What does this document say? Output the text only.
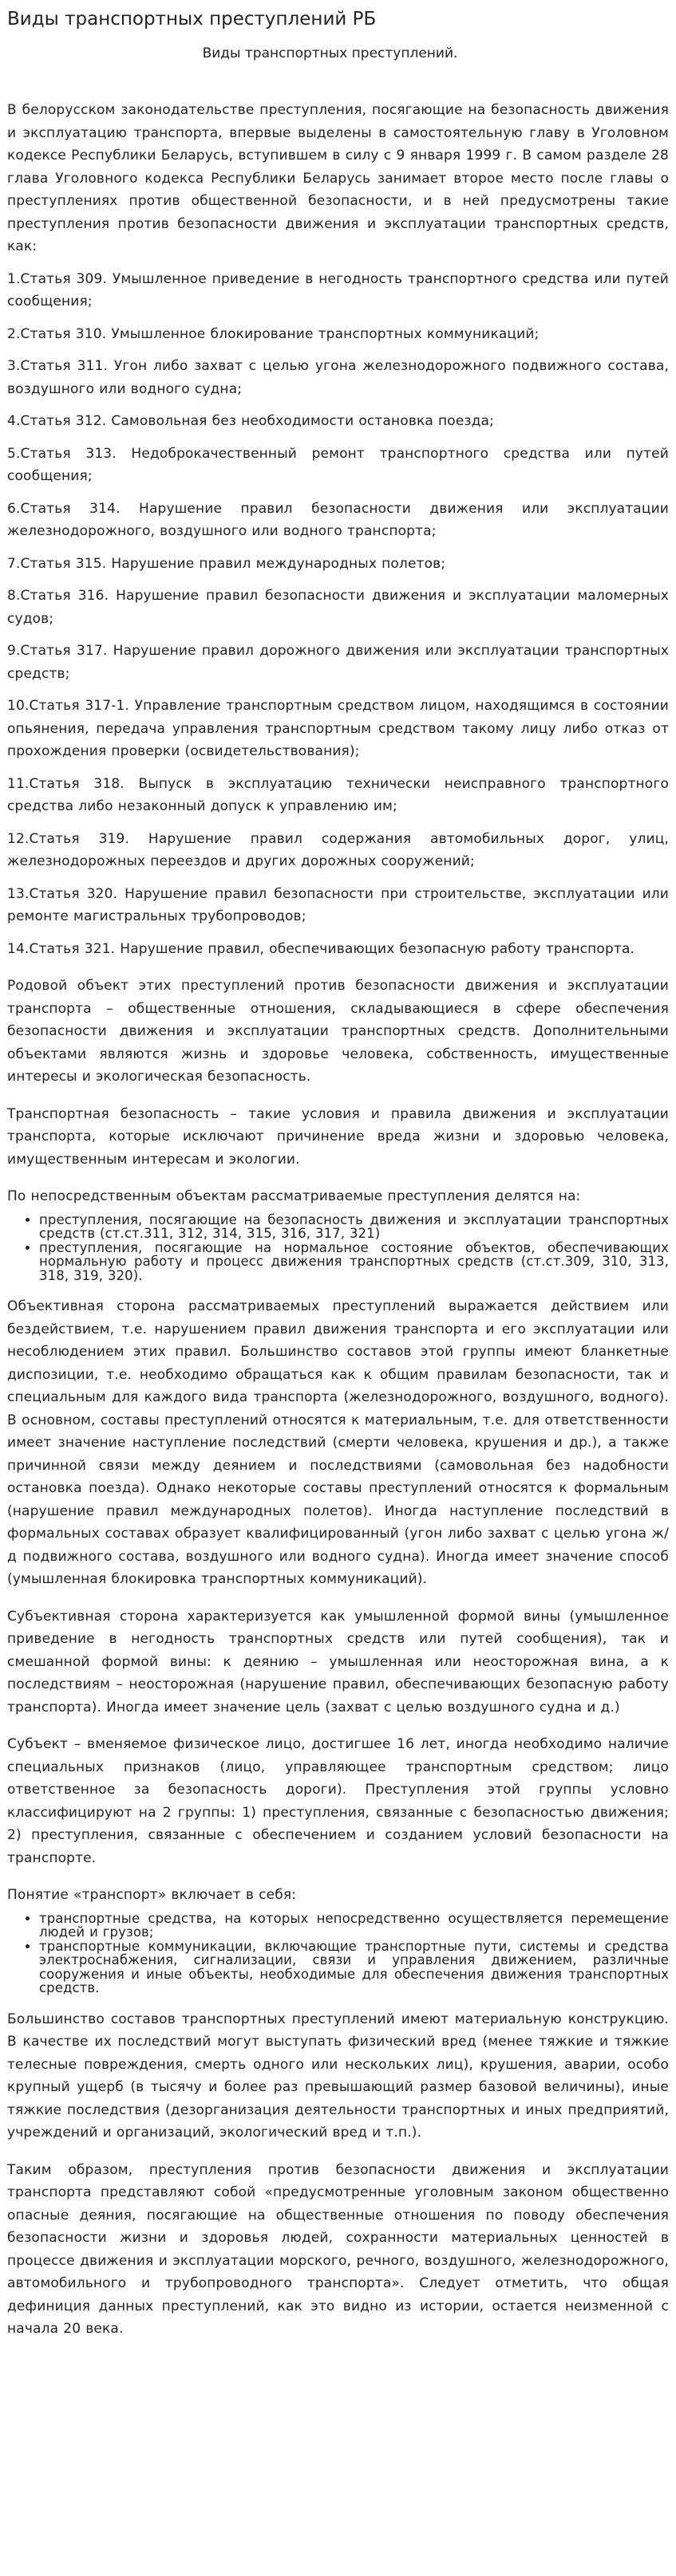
Виды транспортных преступлений РБ
Виды транспортных преступлений.

В белорусском законодательстве преступления, посягающие на безопасность движения и эксплуатацию транспорта, впервые выделены в самостоятельную главу в Уголовном кодексе Республики Беларусь, вступившем в силу с 9 января 1999 г. В самом разделе 28 глава Уголовного кодекса Республики Беларусь занимает второе место после главы о преступлениях против общественной безопасности, и в ней предусмотрены такие преступления против безопасности движения и эксплуатации транспортных средств, как:

1.Статья 309. Умышленное приведение в негодность транспортного средства или путей сообщения;

2.Статья 310. Умышленное блокирование транспортных коммуникаций;

3.Статья 311. Угон либо захват с целью угона железнодорожного подвижного состава, воздушного или водного судна;

4.Статья 312. Самовольная без необходимости остановка поезда;

5.Статья 313. Недоброкачественный ремонт транспортного средства или путей сообщения;

6.Статья 314. Нарушение правил безопасности движения или эксплуатации железнодорожного, воздушного или водного транспорта;

7.Статья 315. Нарушение правил международных полетов;

8.Статья 316. Нарушение правил безопасности движения и эксплуатации маломерных судов;

9.Статья 317. Нарушение правил дорожного движения или эксплуатации транспортных средств;

10.Статья 317-1. Управление транспортным средством лицом, находящимся в состоянии опьянения, передача управления транспортным средством такому лицу либо отказ от прохождения проверки (освидетельствования);

11.Статья 318. Выпуск в эксплуатацию технически неисправного транспортного средства либо незаконный допуск к управлению им;

12.Статья 319. Нарушение правил содержания автомобильных дорог, улиц, железнодорожных переездов и других дорожных сооружений;

13.Статья 320. Нарушение правил безопасности при строительстве, эксплуатации или ремонте магистральных трубопроводов;

14.Статья 321. Нарушение правил, обеспечивающих безопасную работу транспорта.

Родовой объект этих преступлений против безопасности движения и эксплуатации транспорта – общественные отношения, складывающиеся в сфере обеспечения безопасности движения и эксплуатации транспортных средств. Дополнительными объектами являются жизнь и здоровье человека, собственность, имущественные интересы и экологическая безопасность.

Транспортная безопасность – такие условия и правила движения и эксплуатации транспорта, которые исключают причинение вреда жизни и здоровью человека, имущественным интересам и экологии.

По непосредственным объектам рассматриваемые преступления делятся на:

• преступления, посягающие на безопасность движения и эксплуатации транспортных средств (ст.ст.311, 312, 314, 315, 316, 317, 321)
• преступления, посягающие на нормальное состояние объектов, обеспечивающих нормальную работу и процесс движения транспортных средств (ст.ст.309, 310, 313, 318, 319, 320).

Объективная сторона рассматриваемых преступлений выражается действием или бездействием, т.е. нарушением правил движения транспорта и его эксплуатации или несоблюдением этих правил. Большинство составов этой группы имеют бланкетные диспозиции, т.е. необходимо обращаться как к общим правилам безопасности, так и специальным для каждого вида транспорта (железнодорожного, воздушного, водного). В основном, составы преступлений относятся к материальным, т.е. для ответственности имеет значение наступление последствий (смерти человека, крушения и др.), а также причинной связи между деянием и последствиями (самовольная без надобности остановка поезда). Однако некоторые составы преступлений относятся к формальным (нарушение правил международных полетов). Иногда наступление последствий в формальных составах образует квалифицированный (угон либо захват с целью угона ж/д подвижного состава, воздушного или водного судна). Иногда имеет значение способ (умышленная блокировка транспортных коммуникаций).

Субъективная сторона характеризуется как умышленной формой вины (умышленное приведение в негодность транспортных средств или путей сообщения), так и смешанной формой вины: к деянию – умышленная или неосторожная вина, а к последствиям – неосторожная (нарушение правил, обеспечивающих безопасную работу транспорта). Иногда имеет значение цель (захват с целью воздушного судна и д.)

Субъект – вменяемое физическое лицо, достигшее 16 лет, иногда необходимо наличие специальных признаков (лицо, управляющее транспортным средством; лицо ответственное за безопасность дороги). Преступления этой группы условно классифицируют на 2 группы: 1) преступления, связанные с безопасностью движения; 2) преступления, связанные с обеспечением и созданием условий безопасности на транспорте.

Понятие «транспорт» включает в себя:

• транспортные средства, на которых непосредственно осуществляется перемещение людей и грузов;
• транспортные коммуникации, включающие транспортные пути, системы и средства электроснабжения, сигнализации, связи и управления движением, различные сооружения и иные объекты, необходимые для обеспечения движения транспортных средств.

Большинство составов транспортных преступлений имеют материальную конструкцию. В качестве их последствий могут выступать физический вред (менее тяжкие и тяжкие телесные повреждения, смерть одного или нескольких лиц), крушения, аварии, особо крупный ущерб (в тысячу и более раз превышающий размер базовой величины), иные тяжкие последствия (дезорганизация деятельности транспортных и иных предприятий, учреждений и организаций, экологический вред и т.п.).

Таким образом, преступления против безопасности движения и эксплуатации транспорта представляют собой «предусмотренные уголовным законом общественно опасные деяния, посягающие на общественные отношения по поводу обеспечения безопасности жизни и здоровья людей, сохранности материальных ценностей в процессе движения и эксплуатации морского, речного, воздушного, железнодорожного, автомобильного и трубопроводного транспорта». Следует отметить, что общая дефиниция данных преступлений, как это видно из истории, остается неизменной с начала 20 века.
